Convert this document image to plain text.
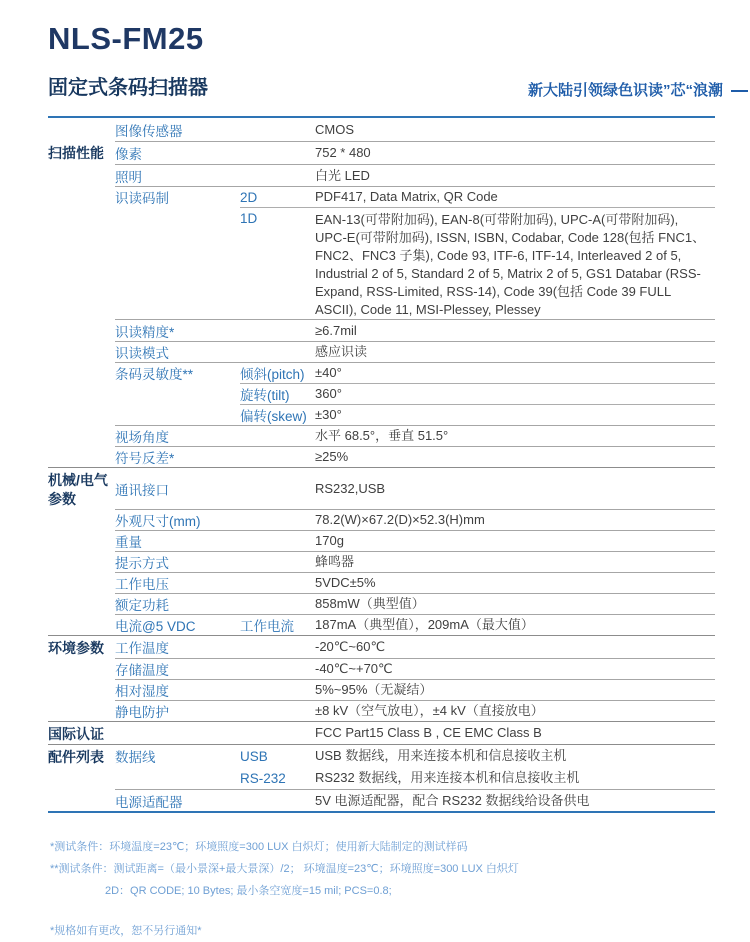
NLS-FM25
固定式条码扫描器	新大陆引领绿色识读”芯“浪潮
图像传感器	CMOS
扫描性能 像素	752 * 480
照明	白光 LED
识读码制	2D	PDF417, Data Matrix, QR Code
1D	EAN-13(可带附加码), EAN-8(可带附加码), UPC-A(可带附加码), UPC-E(可带附加码), ISSN, ISBN, Codabar, Code 128(包括 FNC1、FNC2、FNC3 子集), Code 93, ITF-6, ITF-14, Interleaved 2 of 5, Industrial 2 of 5, Standard 2 of 5, Matrix 2 of 5, GS1 Databar (RSS-Expand, RSS-Limited, RSS-14), Code 39(包括 Code 39 FULL ASCII), Code 11, MSI-Plessey, Plessey
识读精度*	≥6.7mil
识读模式	感应识读
条码灵敏度**	倾斜(pitch) ±40°
旋转(tilt)	360°
偏转(skew) ±30°
视场角度	水平 68.5°，垂直 51.5°
符号反差*	≥25%
机械/电气参数
通讯接口	RS232,USB
外观尺寸(mm)	78.2(W)×67.2(D)×52.3(H)mm
重量	170g
提示方式	蜂鸣器
工作电压	5VDC±5%
额定功耗	858mW（典型值）
电流@5 VDC	工作电流	187mA（典型值），209mA（最大值）
环境参数 工作温度	-20℃~60℃
存储温度	-40℃~+70℃
相对湿度	5%~95%（无凝结）
静电防护	±8 kV（空气放电），±4 kV（直接放电）
国际认证	FCC Part15 Class B , CE EMC Class B
配件列表 数据线	USB	USB 数据线，用来连接本机和信息接收主机
RS-232	RS232 数据线，用来连接本机和信息接收主机
电源适配器	5V 电源适配器，配合 RS232 数据线给设备供电
*测试条件：环境温度=23℃；环境照度=300 LUX 白炽灯；使用新大陆制定的测试样码
**测试条件：测试距离=（最小景深+最大景深）/2； 环境温度=23℃；环境照度=300 LUX 白炽灯
2D：QR CODE; 10 Bytes; 最小条空宽度=15 mil; PCS=0.8;
*规格如有更改，恕不另行通知*
